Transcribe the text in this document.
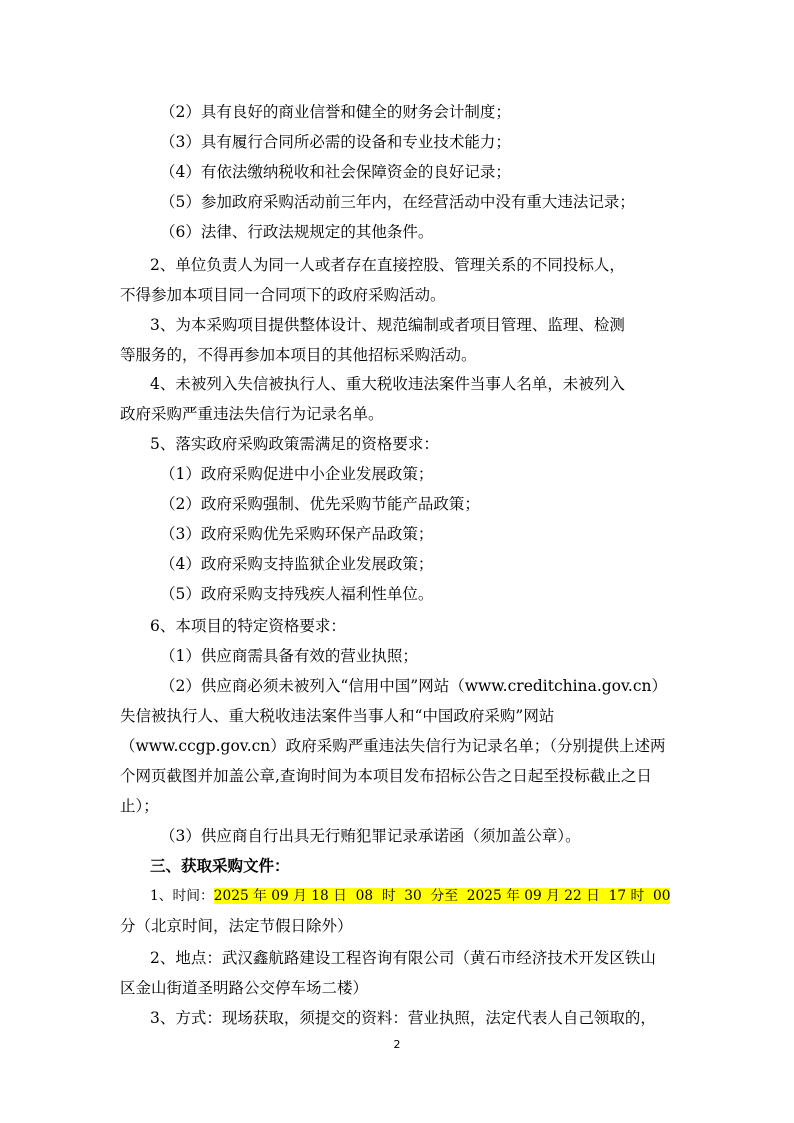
（2）具有良好的商业信誉和健全的财务会计制度；
（3）具有履行合同所必需的设备和专业技术能力；
（4）有依法缴纳税收和社会保障资金的良好记录；
（5）参加政府采购活动前三年内，在经营活动中没有重大违法记录；
（6）法律、行政法规规定的其他条件。
2、单位负责人为同一人或者存在直接控股、管理关系的不同投标人，
不得参加本项目同一合同项下的政府采购活动。
3、为本采购项目提供整体设计、规范编制或者项目管理、监理、检测
等服务的，不得再参加本项目的其他招标采购活动。
4、未被列入失信被执行人、重大税收违法案件当事人名单，未被列入
政府采购严重违法失信行为记录名单。
5、落实政府采购政策需满足的资格要求：
（1）政府采购促进中小企业发展政策；
（2）政府采购强制、优先采购节能产品政策；
（3）政府采购优先采购环保产品政策；
（4）政府采购支持监狱企业发展政策；
（5）政府采购支持残疾人福利性单位。
6、本项目的特定资格要求：
（1）供应商需具备有效的营业执照；
（2）供应商必须未被列入“信用中国”网站（www.creditchina.gov.cn）
失信被执行人、重大税收违法案件当事人和“中国政府采购”网站
（www.ccgp.gov.cn）政府采购严重违法失信行为记录名单；（分别提供上述两
个网页截图并加盖公章,查询时间为本项目发布招标公告之日起至投标截止之日
止）；
（3）供应商自行出具无行贿犯罪记录承诺函（须加盖公章）。
三、获取采购文件：
1、时间：2025 年 09 月 18 日  08  时  30  分至  2025 年 09 月 22 日  17 时  00
分（北京时间，法定节假日除外）
2、地点：武汉鑫航路建设工程咨询有限公司（黄石市经济技术开发区铁山
区金山街道圣明路公交停车场二楼）
3、方式：现场获取，须提交的资料：营业执照，法定代表人自己领取的，
2
